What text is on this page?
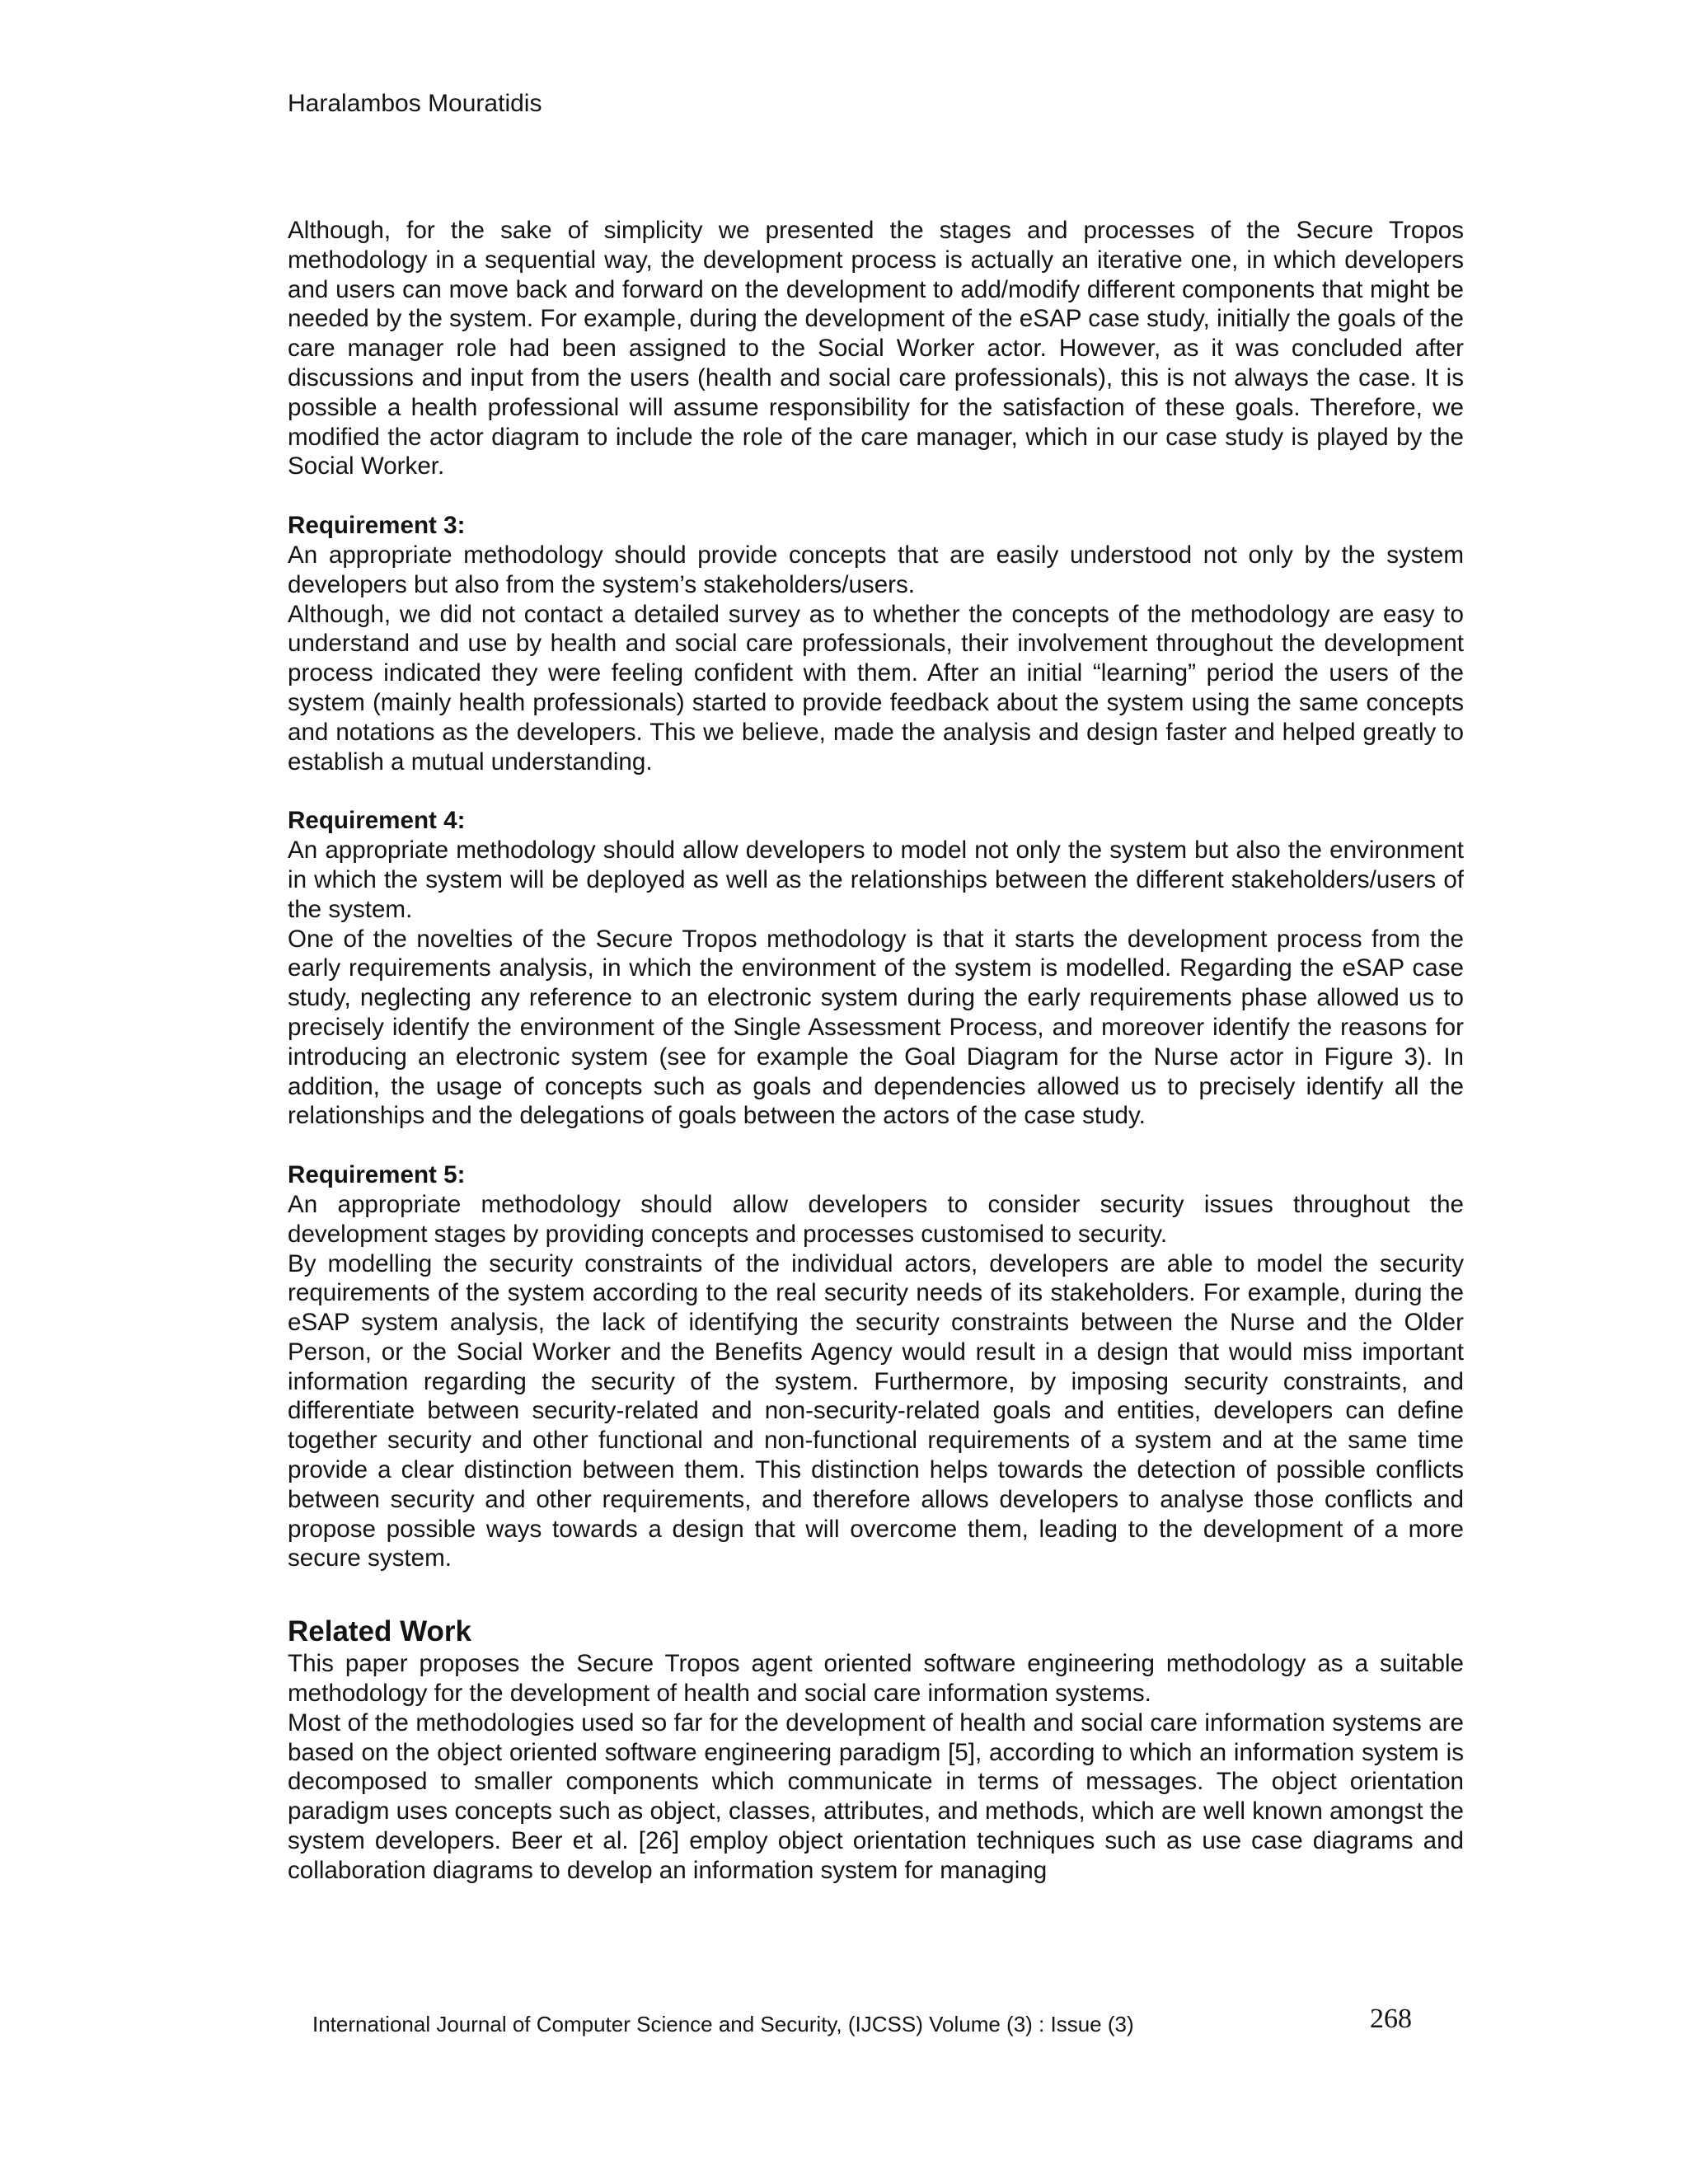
Haralambos Mouratidis

Although, for the sake of simplicity we presented the stages and processes of the Secure Tropos methodology in a sequential way, the development process is actually an iterative one, in which developers and users can move back and forward on the development to add/modify different components that might be needed by the system. For example, during the development of the eSAP case study, initially the goals of the care manager role had been assigned to the Social Worker actor. However, as it was concluded after discussions and input from the users (health and social care professionals), this is not always the case. It is possible a health professional will assume responsibility for the satisfaction of these goals. Therefore, we modified the actor diagram to include the role of the care manager, which in our case study is played by the Social Worker.

Requirement 3:

An appropriate methodology should provide concepts that are easily understood not only by the system developers but also from the system’s stakeholders/users.

Although, we did not contact a detailed survey as to whether the concepts of the methodology are easy to understand and use by health and social care professionals, their involvement throughout the development process indicated they were feeling confident with them. After an initial “learning” period the users of the system (mainly health professionals) started to provide feedback about the system using the same concepts and notations as the developers. This we believe, made the analysis and design faster and helped greatly to establish a mutual understanding.

Requirement 4:

An appropriate methodology should allow developers to model not only the system but also the environment in which the system will be deployed as well as the relationships between the different stakeholders/users of the system.

One of the novelties of the Secure Tropos methodology is that it starts the development process from the early requirements analysis, in which the environment of the system is modelled. Regarding the eSAP case study, neglecting any reference to an electronic system during the early requirements phase allowed us to precisely identify the environment of the Single Assessment Process, and moreover identify the reasons for introducing an electronic system (see for example the Goal Diagram for the Nurse actor in Figure 3). In addition, the usage of concepts such as goals and dependencies allowed us to precisely identify all the relationships and the delegations of goals between the actors of the case study.

Requirement 5:

An appropriate methodology should allow developers to consider security issues throughout the development stages by providing concepts and processes customised to security.

By modelling the security constraints of the individual actors, developers are able to model the security requirements of the system according to the real security needs of its stakeholders. For example, during the eSAP system analysis, the lack of identifying the security constraints between the Nurse and the Older Person, or the Social Worker and the Benefits Agency would result in a design that would miss important information regarding the security of the system. Furthermore, by imposing security constraints, and differentiate between security-related and non-security-related goals and entities, developers can define together security and other functional and non-functional requirements of a system and at the same time provide a clear distinction between them. This distinction helps towards the detection of possible conflicts between security and other requirements, and therefore allows developers to analyse those conflicts and propose possible ways towards a design that will overcome them, leading to the development of a more secure system.

Related Work

This paper proposes the Secure Tropos agent oriented software engineering methodology as a suitable methodology for the development of health and social care information systems.

Most of the methodologies used so far for the development of health and social care information systems are based on the object oriented software engineering paradigm [5], according to which an information system is decomposed to smaller components which communicate in terms of messages. The object orientation paradigm uses concepts such as object, classes, attributes, and methods, which are well known amongst the system developers. Beer et al. [26] employ object orientation techniques such as use case diagrams and collaboration diagrams to develop an information system for managing

International Journal of Computer Science and Security, (IJCSS) Volume (3) : Issue (3)	268
